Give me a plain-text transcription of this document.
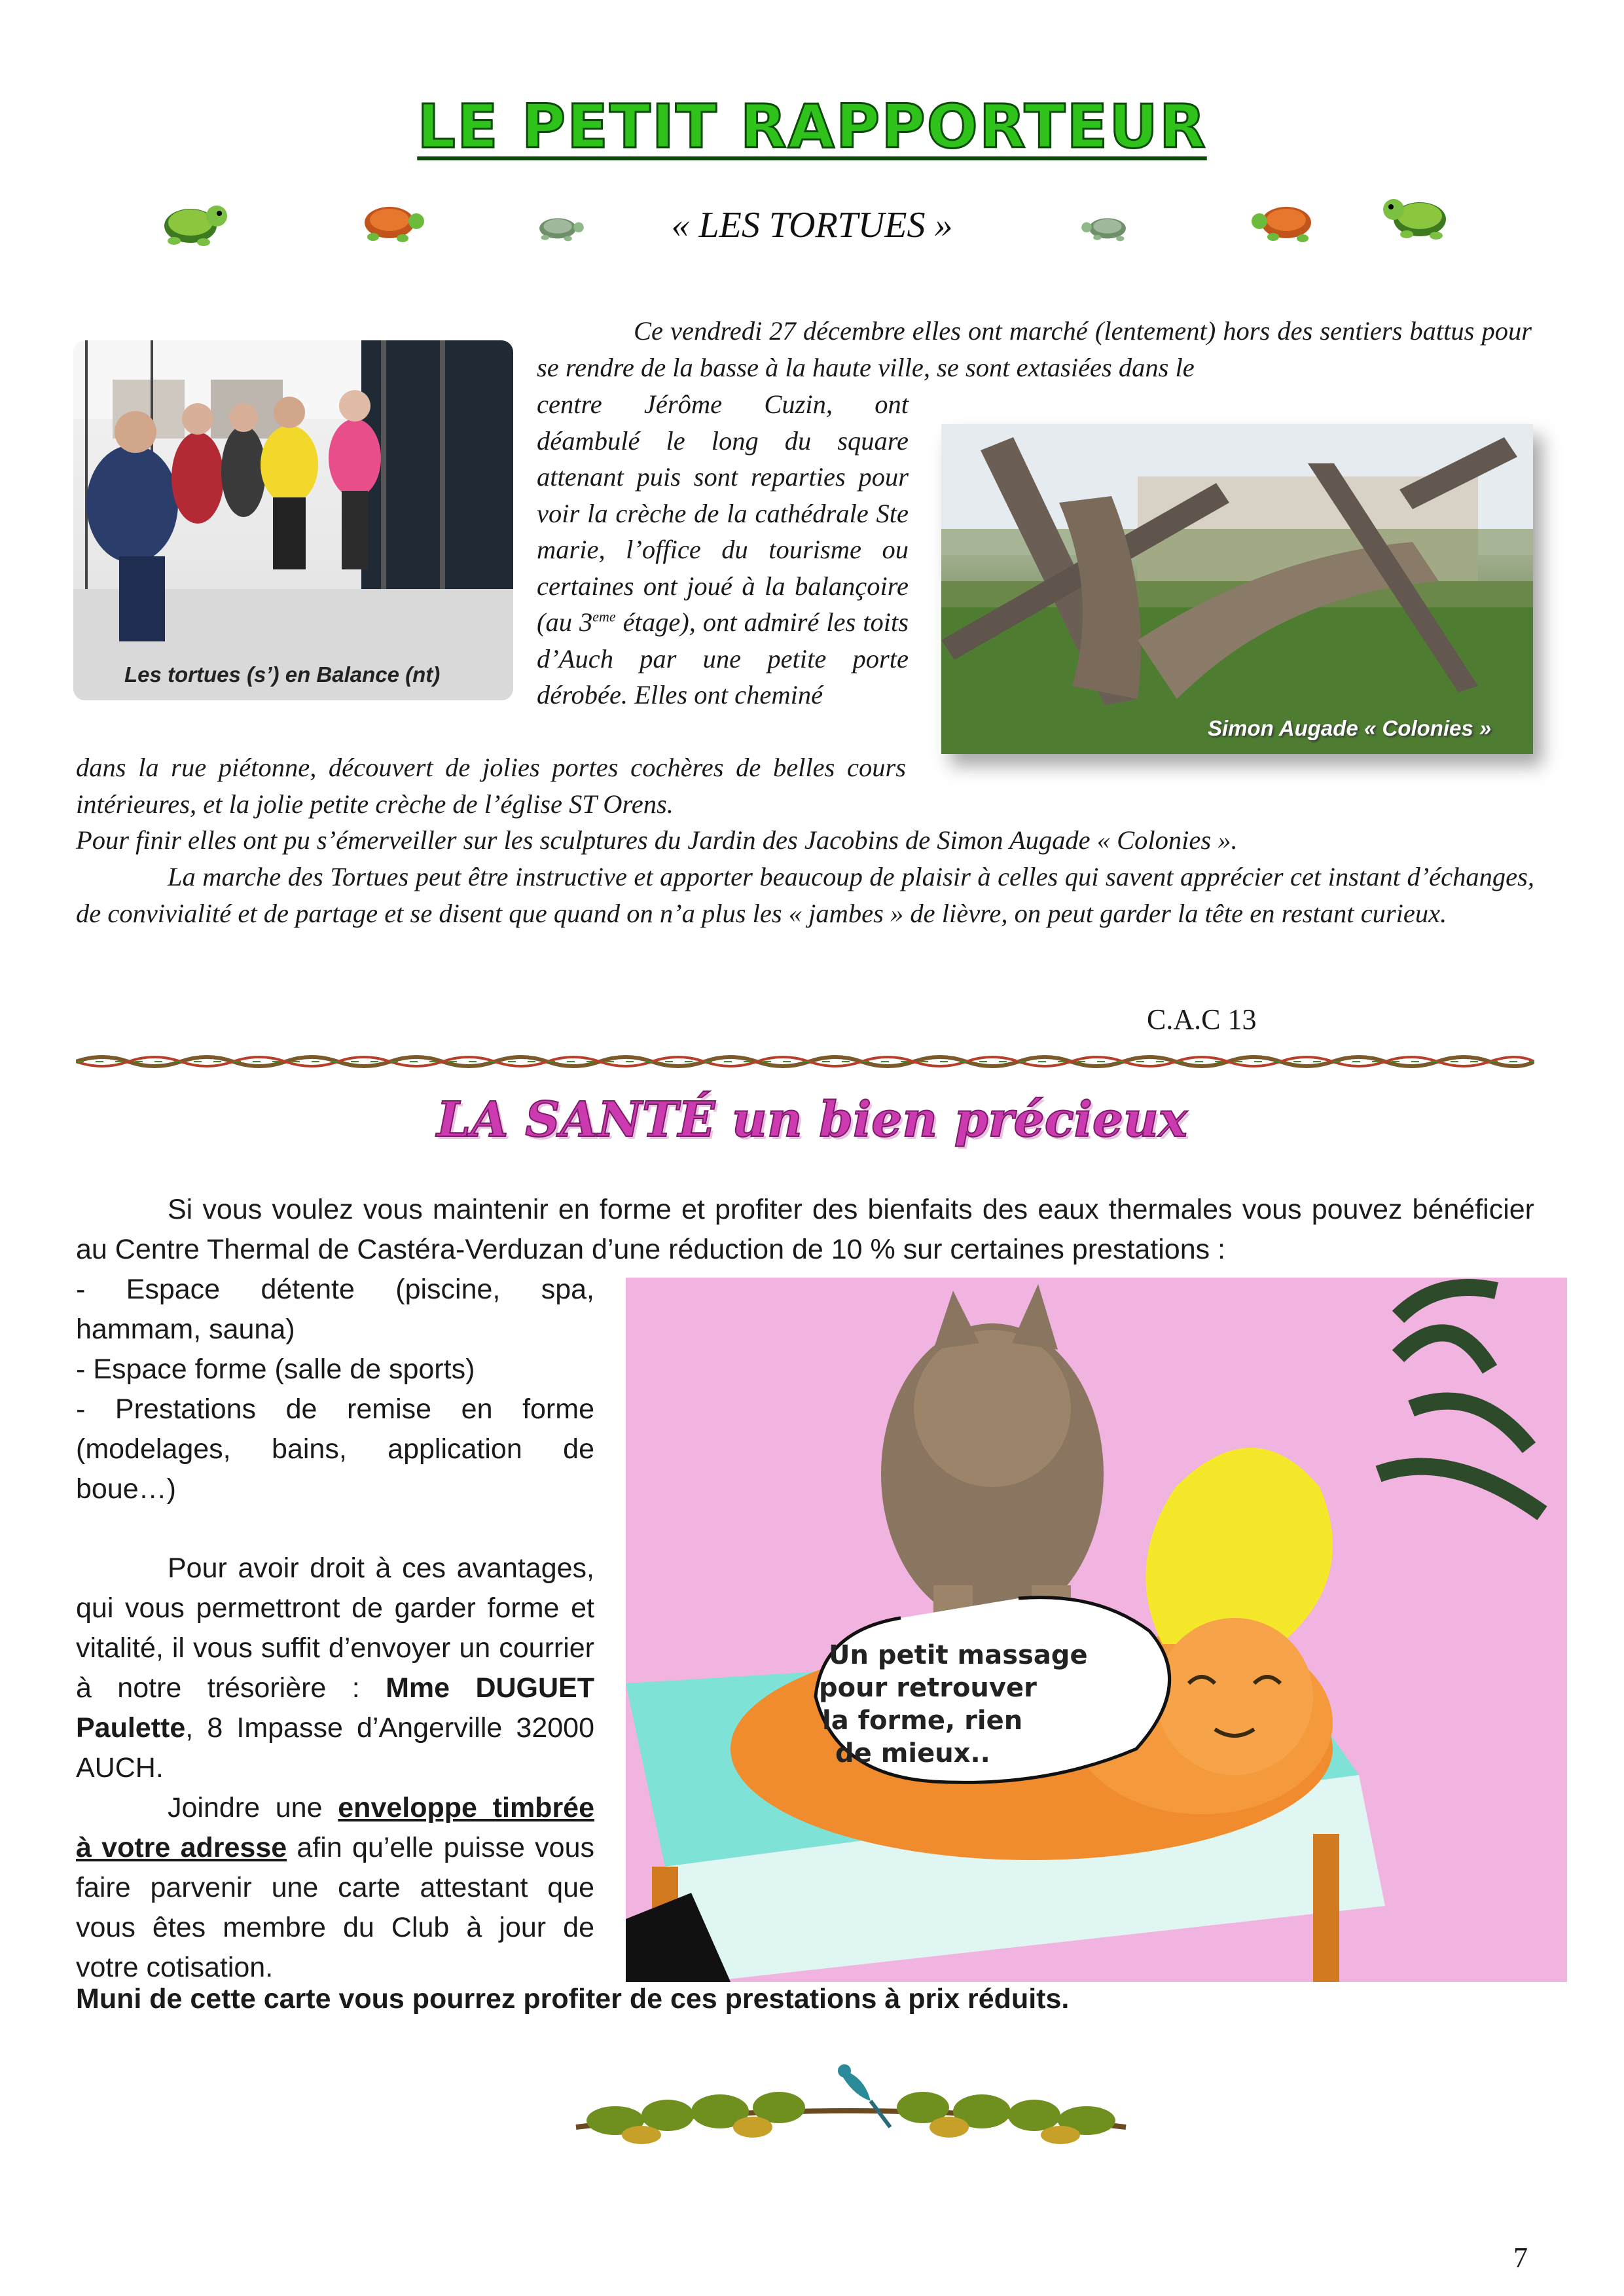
LE PETIT RAPPORTEUR
« LES TORTUES »
Les tortues (s’) en Balance (nt)
Simon Augade « Colonies »
Ce vendredi 27 décembre elles ont marché (lentement) hors des sentiers battus pour se rendre de la basse à la haute ville, se sont extasiées dans le
centre Jérôme Cuzin, ont déambulé le long du square attenant puis sont reparties pour voir la crèche de la cathédrale Ste marie, l’office du tourisme ou certaines ont joué à la balançoire (au 3eme étage), ont admiré les toits d’Auch par une petite porte dérobée. Elles ont cheminé
dans la rue piétonne, découvert de jolies portes cochères de belles cours intérieures, et la jolie petite crèche de l’église ST Orens.
Pour finir elles ont pu s’émerveiller sur les sculptures du Jardin des Jacobins de Simon Augade « Colonies ».
La marche des Tortues peut être instructive et apporter beaucoup de plaisir à celles qui savent apprécier cet instant d’échanges, de convivialité et de partage et se disent que quand on n’a plus les « jambes » de lièvre, on peut garder la tête en restant curieux.
C.A.C 13
LA SANTÉ un bien précieux
Si vous voulez vous maintenir en forme et profiter des bienfaits des eaux thermales vous pouvez bénéficier au Centre Thermal de Castéra-Verduzan d’une réduction de 10 % sur certaines prestations :
- Espace détente (piscine, spa, hammam, sauna)
- Espace forme (salle de sports)
- Prestations de remise en forme (modelages, bains, application de boue…)

Pour avoir droit à ces avantages, qui vous permettront de garder forme et vitalité, il vous suffit d’envoyer un courrier à notre trésorière : Mme DUGUET Paulette, 8 Impasse d’Angerville 32000 AUCH.

Joindre une enveloppe timbrée à votre adresse afin qu’elle puisse vous faire parvenir une carte attestant que vous êtes membre du Club à jour de votre cotisation.

Muni de cette carte vous pourrez profiter de ces prestations à prix réduits.
Un petit massage
pour retrouver
la forme, rien
de mieux..
7
